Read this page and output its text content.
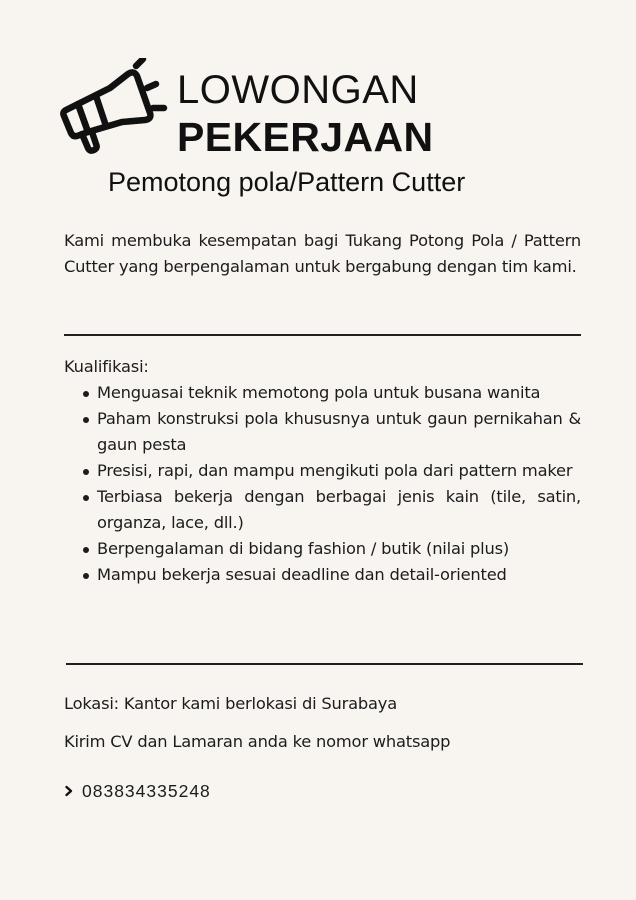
LOWONGAN
PEKERJAAN
Pemotong pola/Pattern Cutter
Kami membuka kesempatan bagi Tukang Potong Pola / Pattern Cutter yang berpengalaman untuk bergabung dengan tim kami.
Kualifikasi:
Menguasai teknik memotong pola untuk busana wanita
Paham konstruksi pola khususnya untuk gaun pernikahan & gaun pesta
Presisi, rapi, dan mampu mengikuti pola dari pattern maker
Terbiasa bekerja dengan berbagai jenis kain (tile, satin, organza, lace, dll.)
Berpengalaman di bidang fashion / butik (nilai plus)
Mampu bekerja sesuai deadline dan detail-oriented
Lokasi: Kantor kami berlokasi di Surabaya
Kirim CV dan Lamaran anda ke nomor whatsapp
083834335248
